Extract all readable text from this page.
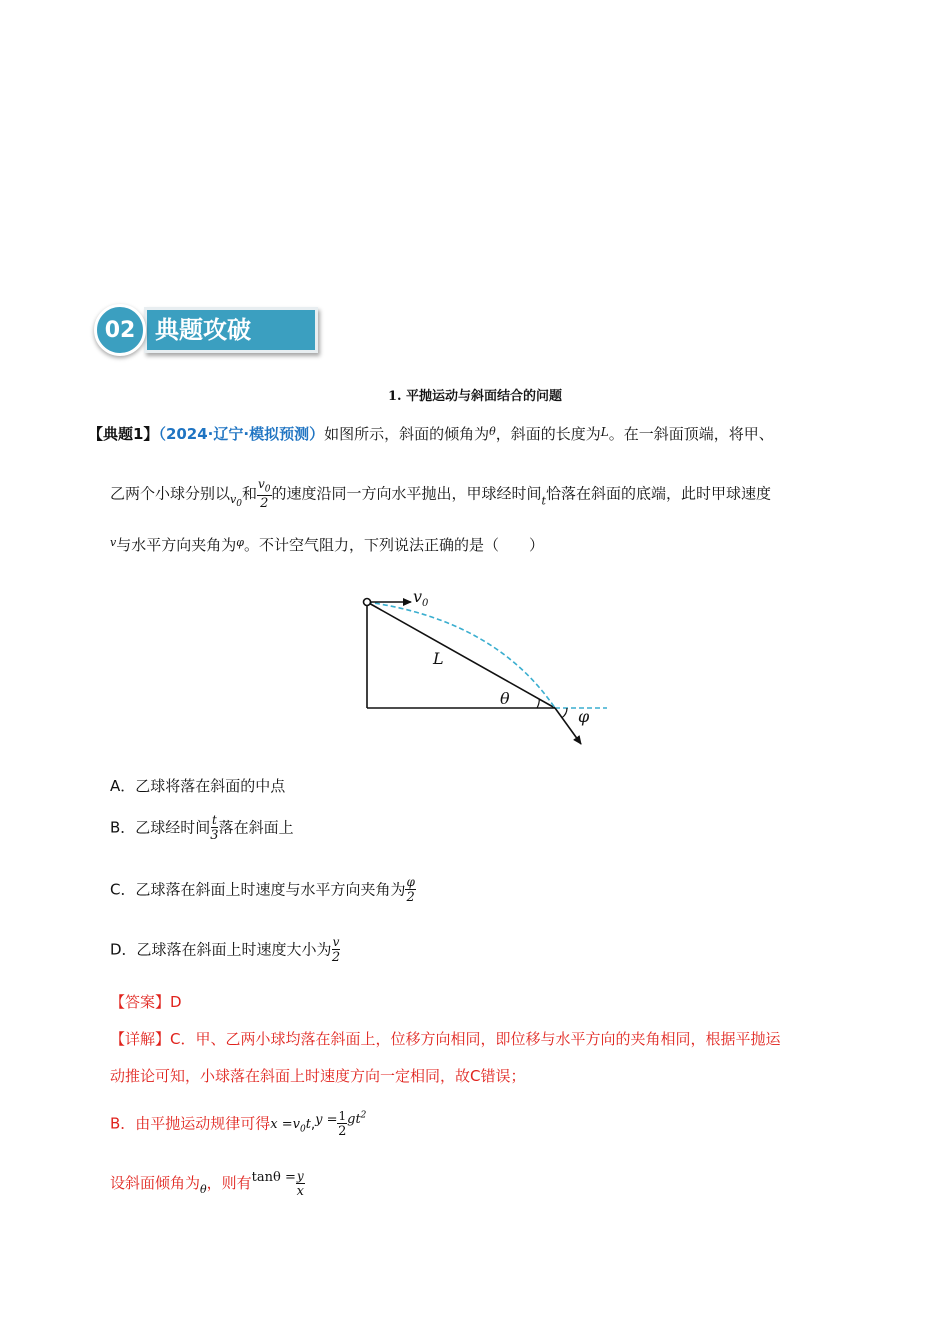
02 典题攻破
1. 平抛运动与斜面结合的问题
【典题1】（2024·辽宁·模拟预测）如图所示，斜面的倾角为$^\theta$，斜面的长度为$^L$。在一斜面顶端，将甲、
乙两个小球分别以$_{v_0}$和 $\frac{v_0}{2}$ 的速度沿同一方向水平抛出，甲球经时间$_t$恰落在斜面的底端，此时甲球速度
$^v$与水平方向夹角为$^\varphi$。不计空气阻力，下列说法正确的是（　　）
$v_0$
L
θ
φ
A．乙球将落在斜面的中点
B．乙球经时间 $\frac{t}{3}$ 落在斜面上
C．乙球落在斜面上时速度与水平方向夹角为 $\frac{\varphi}{2}$
D．乙球落在斜面上时速度大小为 $\frac{v}{2}$
【答案】D
【详解】C．甲、乙两小球均落在斜面上，位移方向相同，即位移与水平方向的夹角相同，根据平抛运
动推论可知，小球落在斜面上时速度方向一定相同，故C错误；
B．由平抛运动规律可得$x =v_0t,y = \frac{1}{2} gt^2$
设斜面倾角为$_\theta$，则有$\tan\theta = \frac{y}{x}$
